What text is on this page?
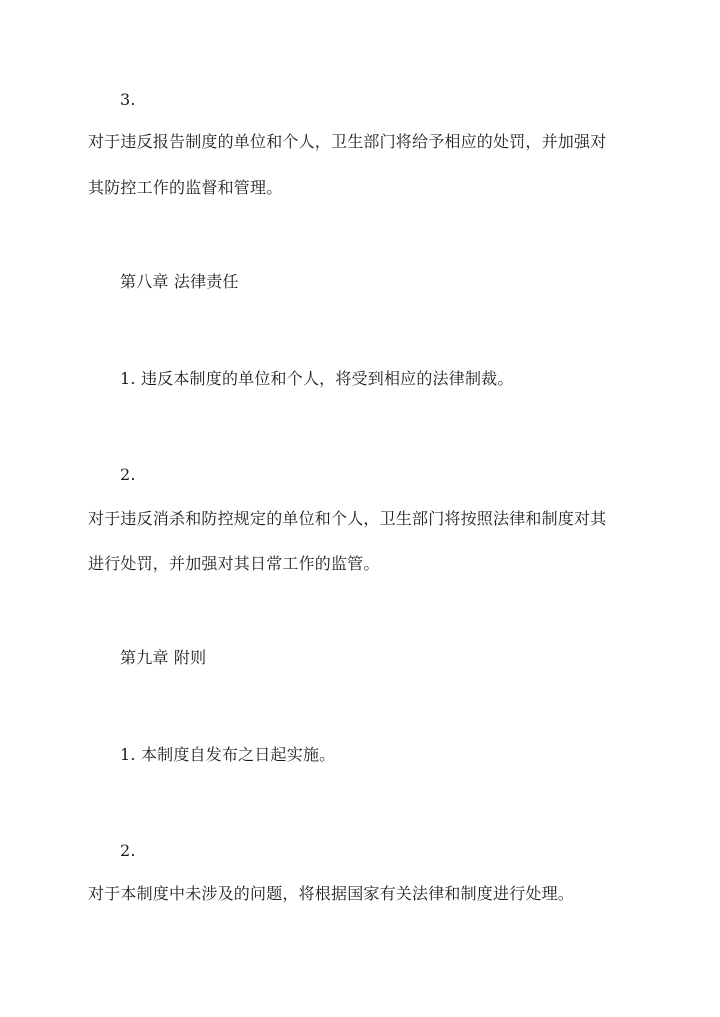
3.
对于违反报告制度的单位和个人，卫生部门将给予相应的处罚，并加强对
其防控工作的监督和管理。
第八章 法律责任
1. 违反本制度的单位和个人，将受到相应的法律制裁。
2.
对于违反消杀和防控规定的单位和个人，卫生部门将按照法律和制度对其
进行处罚，并加强对其日常工作的监管。
第九章 附则
1. 本制度自发布之日起实施。
2.
对于本制度中未涉及的问题，将根据国家有关法律和制度进行处理。
